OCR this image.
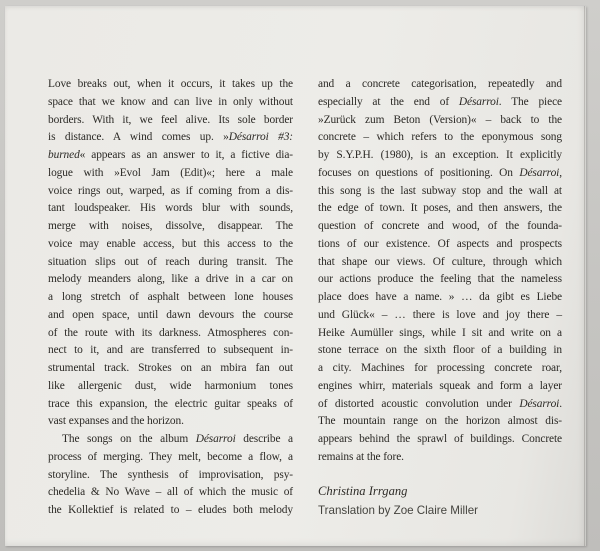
Love breaks out, when it occurs, it takes up the
space that we know and can live in only without
borders. With it, we feel alive. Its sole border
is distance. A wind comes up. »Désarroi #3:
burned« appears as an answer to it, a fictive dia-
logue with »Evol Jam (Edit)«; here a male
voice rings out, warped, as if coming from a dis-
tant loudspeaker. His words blur with sounds,
merge with noises, dissolve, disappear. The
voice may enable access, but this access to the
situation slips out of reach during transit. The
melody meanders along, like a drive in a car on
a long stretch of asphalt between lone houses
and open space, until dawn devours the course
of the route with its darkness. Atmospheres con-
nect to it, and are transferred to subsequent in-
strumental track. Strokes on an mbira fan out
like allergenic dust, wide harmonium tones
trace this expansion, the electric guitar speaks of
vast expanses and the horizon.
The songs on the album Désarroi describe a
process of merging. They melt, become a flow, a
storyline. The synthesis of improvisation, psy-
chedelia & No Wave – all of which the music of
the Kollektief is related to – eludes both melody
and a concrete categorisation, repeatedly and
especially at the end of Désarroi. The piece
»Zurück zum Beton (Version)« – back to the
concrete – which refers to the eponymous song
by S.Y.P.H. (1980), is an exception. It explicitly
focuses on questions of positioning. On Désarroi,
this song is the last subway stop and the wall at
the edge of town. It poses, and then answers, the
question of concrete and wood, of the founda-
tions of our existence. Of aspects and prospects
that shape our views. Of culture, through which
our actions produce the feeling that the nameless
place does have a name. » … da gibt es Liebe
und Glück« – … there is love and joy there –
Heike Aumüller sings, while I sit and write on a
stone terrace on the sixth floor of a building in
a city. Machines for processing concrete roar,
engines whirr, materials squeak and form a layer
of distorted acoustic convolution under Désarroi.
The mountain range on the horizon almost dis-
appears behind the sprawl of buildings. Concrete
remains at the fore.
Christina Irrgang
Translation by Zoe Claire Miller
